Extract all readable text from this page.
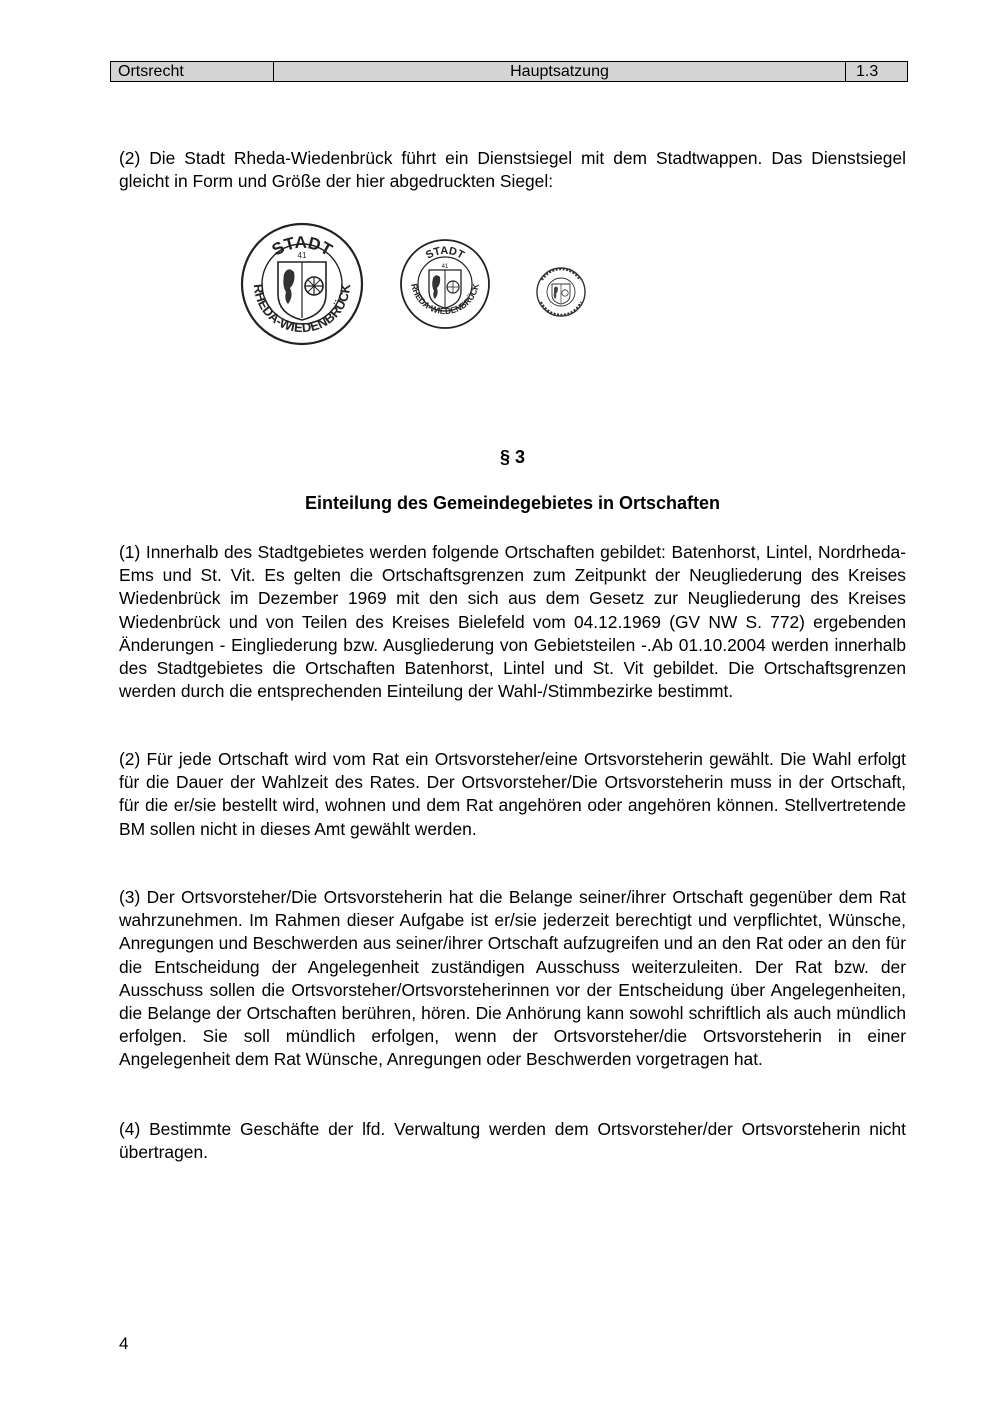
Ortsrecht	Hauptsatzung	1.3

(2) Die Stadt Rheda-Wiedenbrück führt ein Dienstsiegel mit dem Stadtwappen. Das Dienstsiegel gleicht in Form und Größe der hier abgedruckten Siegel:

STADT
RHEDA-WIEDENBRÜCK
41	STADT
RHEDA-WIEDENBRÜCK
41
§ 3
Einteilung des Gemeindegebietes in Ortschaften

(1) Innerhalb des Stadtgebietes werden folgende Ortschaften gebildet: Batenhorst, Lintel, Nordrheda-Ems und St. Vit. Es gelten die Ortschaftsgrenzen zum Zeitpunkt der Neugliederung des Kreises Wiedenbrück im Dezember 1969 mit den sich aus dem Gesetz zur Neugliederung des Kreises Wiedenbrück und von Teilen des Kreises Bielefeld vom 04.12.1969 (GV NW S. 772) ergebenden Änderungen - Eingliederung bzw. Ausgliederung von Gebietsteilen -.Ab 01.10.2004 werden innerhalb des Stadtgebietes die Ortschaften Batenhorst, Lintel und St. Vit gebildet. Die Ortschaftsgrenzen werden durch die entsprechenden Einteilung der Wahl-/Stimmbezirke bestimmt.

(2) Für jede Ortschaft wird vom Rat ein Ortsvorsteher/eine Ortsvorsteherin gewählt. Die Wahl erfolgt für die Dauer der Wahlzeit des Rates. Der Ortsvorsteher/Die Ortsvorsteherin muss in der Ortschaft, für die er/sie bestellt wird, wohnen und dem Rat angehören oder angehören können. Stellvertretende BM sollen nicht in dieses Amt gewählt werden.

(3) Der Ortsvorsteher/Die Ortsvorsteherin hat die Belange seiner/ihrer Ortschaft gegenüber dem Rat wahrzunehmen. Im Rahmen dieser Aufgabe ist er/sie jederzeit berechtigt und verpflichtet, Wünsche, Anregungen und Beschwerden aus seiner/ihrer Ortschaft aufzugreifen und an den Rat oder an den für die Entscheidung der Angelegenheit zuständigen Ausschuss weiterzuleiten. Der Rat bzw. der Ausschuss sollen die Ortsvorsteher/Ortsvorsteherinnen vor der Entscheidung über Angelegenheiten, die Belange der Ortschaften berühren, hören. Die Anhörung kann sowohl schriftlich als auch mündlich erfolgen. Sie soll mündlich erfolgen, wenn der Ortsvorsteher/die Ortsvorsteherin in einer Angelegenheit dem Rat Wünsche, Anregungen oder Beschwerden vorgetragen hat.

(4) Bestimmte Geschäfte der lfd. Verwaltung werden dem Ortsvorsteher/der Ortsvorsteherin nicht übertragen.

4
